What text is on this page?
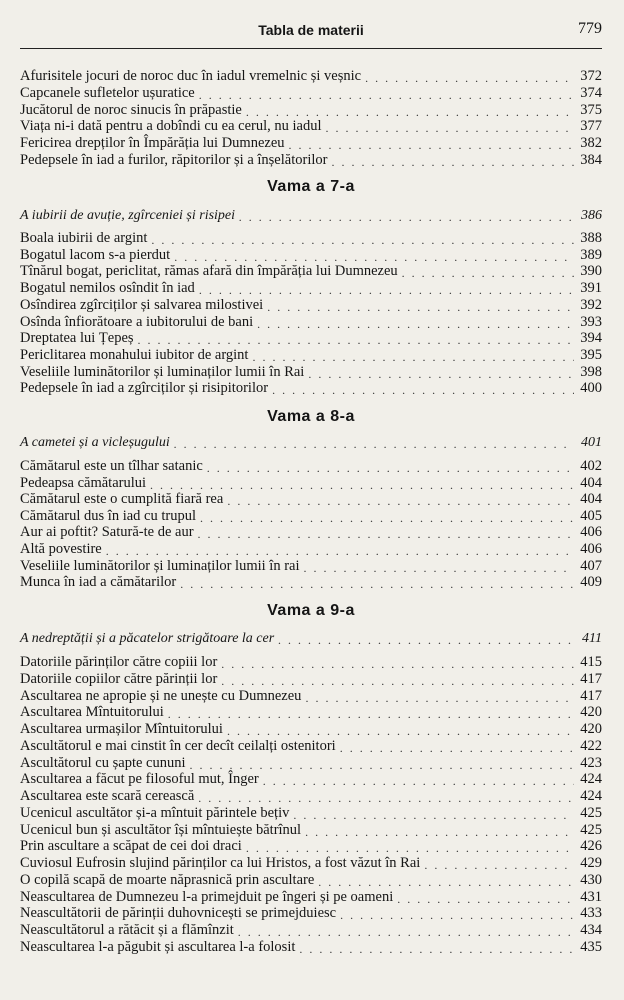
Tabla de materii	779
Afurisitele jocuri de noroc duc în iadul vremelnic și veșnic . . .	372
Capcanele sufletelor ușuratice . . .	374
Jucătorul de noroc sinucis în prăpastie . . .	375
Viața ni-i dată pentru a dobîndi cu ea cerul, nu iadul . . .	377
Fericirea drepților în Împărăția lui Dumnezeu . . .	382
Pedepsele în iad a furilor, răpitorilor și a înșelătorilor . . .	384
Vama a 7-a
A iubirii de avuție, zgîrceniei și risipei . . .	386
Boala iubirii de argint . . .	388
Bogatul lacom s-a pierdut . . .	389
Tînărul bogat, periclitat, rămas afară din împărăția lui Dumnezeu . . .	390
Bogatul nemilos osîndit în iad . . .	391
Osîndirea zgîrciților și salvarea milostivei . . .	392
Osînda înfiorătoare a iubitorului de bani . . .	393
Dreptatea lui Țepeș . . .	394
Periclitarea monahului iubitor de argint . . .	395
Veseliile luminătorilor și luminaților lumii în Rai . . .	398
Pedepsele în iad a zgîrciților și risipitorilor . . .	400
Vama a 8-a
A cametei și a vicleșugului . . .	401
Cămătarul este un tîlhar satanic . . .	402
Pedeapsa cămătarului . . .	404
Cămătarul este o cumplită fiară rea . . .	404
Cămătarul dus în iad cu trupul . . .	405
Aur ai poftit? Satură-te de aur . . .	406
Altă povestire . . .	406
Veseliile luminătorilor și luminaților lumii în rai . . .	407
Munca în iad a cămătarilor . . .	409
Vama a 9-a
A nedreptății și a păcatelor strigătoare la cer . . .	411
Datoriile părinților către copiii lor . . .	415
Datoriile copiilor către părinții lor . . .	417
Ascultarea ne apropie și ne unește cu Dumnezeu . . .	417
Ascultarea Mîntuitorului . . .	420
Ascultarea urmașilor Mîntuitorului . . .	420
Ascultătorul e mai cinstit în cer decît ceilalți ostenitori . . .	422
Ascultătorul cu șapte cununi . . .	423
Ascultarea a făcut pe filosoful mut, Înger . . .	424
Ascultarea este scară cerească . . .	424
Ucenicul ascultător și-a mîntuit părintele bețiv . . .	425
Ucenicul bun și ascultător își mîntuiește bătrînul . . .	425
Prin ascultare a scăpat de cei doi draci . . .	426
Cuviosul Eufrosin slujind părinților ca lui Hristos, a fost văzut în Rai . . .	429
O copilă scapă de moarte năprasnică prin ascultare . . .	430
Neascultarea de Dumnezeu l-a primejduit pe îngeri și pe oameni . . .	431
Neascultătorii de părinții duhovnicești se primejduiesc . . .	433
Neascultătorul a rătăcit și a flămînzit . . .	434
Neascultarea l-a păgubit și ascultarea l-a folosit . . .	435
